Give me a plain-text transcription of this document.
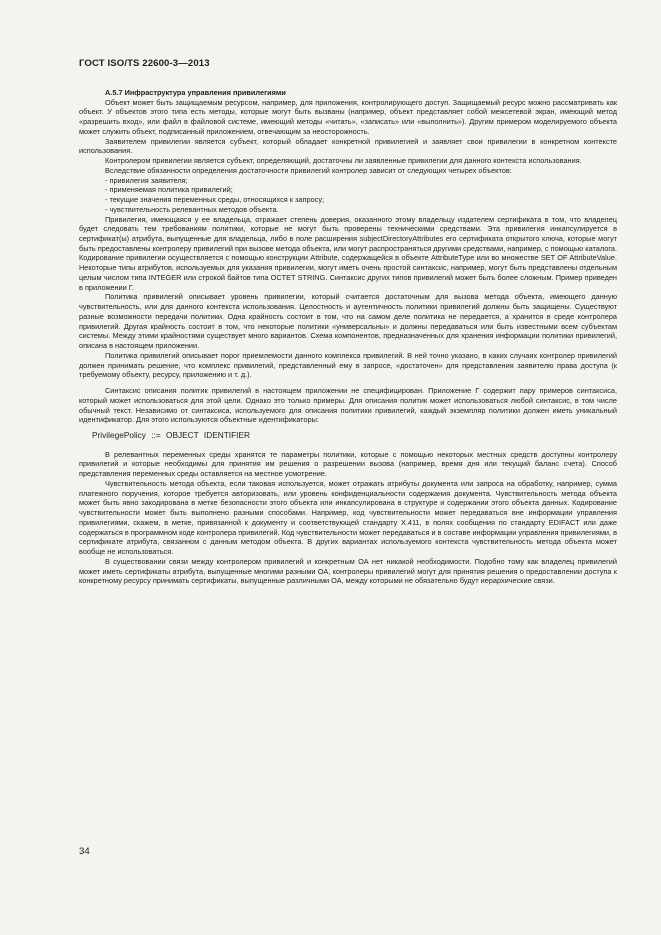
ГОСТ ISO/TS 22600-3—2013

А.5.7 Инфраструктура управления привилегиями

Объект может быть защищаемым ресурсом, например, для приложения, контролирующего доступ. Защищаемый ресурс можно рассматривать как объект. У объектов этого типа есть методы, которые могут быть вызваны (например, объект представляет собой межсетевой экран, имеющий метод «разрешить вход», или файл в файловой системе, имеющий методы «читать», «записать» или «выполнить»). Другим примером моделируемого объекта может служить объект, подписанный приложением, отвечающим за неосторожность.

Заявителем привилегии является субъект, который обладает конкретной привилегией и заявляет свои привилегии в конкретном контексте использования.

Контролером привилегии является субъект, определяющий, достаточны ли заявленные привилегии для данного контекста использования.

Вследствие обязанности определения достаточности привилегий контролер зависит от следующих четырех объектов:

- привилегия заявителя;
- применяемая политика привилегий;
- текущие значения переменных среды, относящихся к запросу;
- чувствительность релевантных методов объекта.

Привилегия, имеющаяся у ее владельца, отражает степень доверия, оказанного этому владельцу издателем сертификата в том, что владелец будет следовать тем требованиям политики, которые не могут быть проверены техническими средствами. Эта привилегия инкапсулируется в сертификат(ы) атрибута, выпущенные для владельца, либо в поле расширения subjectDirectoryAttributes его сертификата открытого ключа, которые могут быть предоставлены контролеру привилегий при вызове метода объекта, или могут распространяться другими средствами, например, с помощью каталога. Кодирование привилегии осуществляется с помощью конструкции Attribute, содержащейся в объекте AttributeType или во множестве SET OF AttributeValue. Некоторые типы атрибутов, используемых для указания привилегии, могут иметь очень простой синтаксис, например, могут быть представлены отдельным целым числом типа INTEGER или строкой байтов типа OCTET STRING. Синтаксис других типов привилегий может быть более сложным. Пример приведен в приложении Г.

Политика привилегий описывает уровень привилегии, который считается достаточным для вызова метода объекта, имеющего данную чувствительность, или для данного контекста использования. Целостность и аутентичность политики привилегий должны быть защищены. Существуют разные возможности передачи политики. Одна крайность состоит в том, что на самом деле политика не передается, а хранится в среде контролера привилегий. Другая крайность состоит в том, что некоторые политики «универсальны» и должны передаваться или быть известными всем субъектам системы. Между этими крайностями существует много вариантов. Схема компонентов, предназначенных для хранения информации политики привилегий, описана в настоящем приложении.

Политика привилегий описывает порог приемлемости данного комплекса привилегий. В ней точно указано, в каких случаях контролер привилегий должен принимать решение, что комплекс привилегий, представленный ему в запросе, «достаточен» для представления заявителю права доступа (к требуемому объекту, ресурсу, приложению и т. д.).

Синтаксис описания политик привилегий в настоящем приложении не специфицирован. Приложение Г содержит пару примеров синтаксиса, который может использоваться для этой цели. Однако это только примеры. Для описания политик может использоваться любой синтаксис, в том числе обычный текст. Независимо от синтаксиса, используемого для описания политики привилегий, каждый экземпляр политики должен иметь уникальный идентификатор. Для этого используются объектные идентификаторы:

PrivilegePolicy ::= OBJECT IDENTIFIER

В релевантных переменных среды хранятся те параметры политики, которые с помощью некоторых местных средств доступны контролеру привилегий и которые необходимы для принятия им решения о разрешении вызова (например, время дня или текущий баланс счета). Способ представления переменных среды оставляется на местное усмотрение.

Чувствительность метода объекта, если таковая используется, может отражать атрибуты документа или запроса на обработку, например, сумма платежного поручения, которое требуется авторизовать, или уровень конфиденциальности содержания документа. Чувствительность метода объекта может быть явно закодирована в метке безопасности этого объекта или инкапсулирована в структуре и содержании этого объекта данных. Кодирование чувствительности может быть выполнено разными способами. Например, код чувствительности может передаваться вне информации управления привилегиями, скажем, в метке, привязанной к документу и соответствующей стандарту X.411, в полях сообщения по стандарту EDIFACT или даже содержаться в программном коде контролера привилегий. Код чувствительности может передаваться и в составе информации управления привилегиями, в сертификате атрибута, связанном с данным методом объекта. В других вариантах используемого контекста чувствительность метода объекта может вообще не использоваться.

В существовании связи между контролером привилегий и конкретным ОА нет никакой необходимости. Подобно тому как владелец привилегий может иметь сертификаты атрибута, выпущенные многими разными ОА, контролеры привилегий могут для принятия решения о предоставлении доступа к конкретному ресурсу принимать сертификаты, выпущенные различными ОА, между которыми не обязательно будут иерархические связи.

34
